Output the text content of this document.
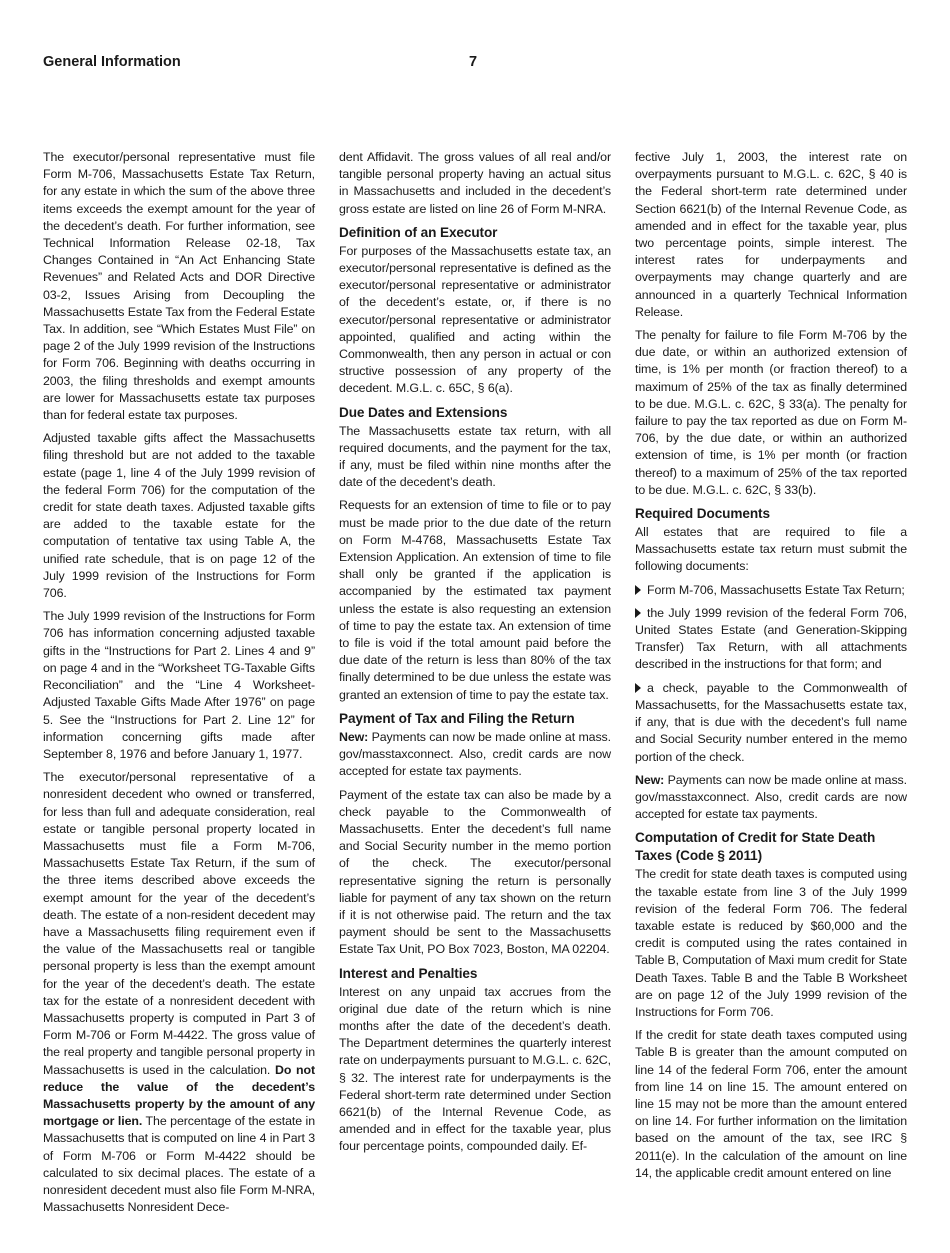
General Information	7

The executor/personal representative must file Form M-706, Massachusetts Estate Tax Return, for any estate in which the sum of the above three items exceeds the exempt amount for the year of the decedent’s death. For further information, see Technical Information Release 02-18, Tax Changes Contained in “An Act Enhancing State Revenues” and Related Acts and DOR Directive 03-2, Issues Arising from Decoupling the Massachusetts Estate Tax from the Federal Estate Tax. In addition, see “Which Estates Must File” on page 2 of the July 1999 revision of the Instructions for Form 706. Beginning with deaths occurring in 2003, the filing thresholds and exempt amounts are lower for Massachusetts estate tax purposes than for federal estate tax purposes.

Adjusted taxable gifts affect the Massachusetts filing threshold but are not added to the taxable estate (page 1, line 4 of the July 1999 revision of the federal Form 706) for the computation of the credit for state death taxes. Adjusted taxable gifts are added to the taxable estate for the computation of tentative tax using Table A, the unified rate schedule, that is on page 12 of the July 1999 revision of the Instructions for Form 706.

The July 1999 revision of the Instructions for Form 706 has information concerning adjusted taxable gifts in the “Instructions for Part 2. Lines 4 and 9” on page 4 and in the “Worksheet TG-Taxable Gifts Reconciliation” and the “Line 4 Worksheet-Adjusted Taxable Gifts Made After 1976” on page 5. See the “Instructions for Part 2. Line 12” for information concerning gifts made after September 8, 1976 and before January 1, 1977.

The executor/personal representative of a nonresident decedent who owned or transferred, for less than full and adequate consideration, real estate or tangible personal property located in Massachusetts must file a Form M-706, Massachusetts Estate Tax Return, if the sum of the three items described above exceeds the exempt amount for the year of the decedent’s death. The estate of a non-resident decedent may have a Massachusetts filing requirement even if the value of the Massachusetts real or tangible personal property is less than the exempt amount for the year of the decedent’s death. The estate tax for the estate of a nonresident decedent with Massachusetts property is computed in Part 3 of Form M-706 or Form M-4422. The gross value of the real property and tangible personal property in Massachusetts is used in the calculation. Do not reduce the value of the decedent’s Massachusetts property by the amount of any mortgage or lien. The percentage of the estate in Massachusetts that is computed on line 4 in Part 3 of Form M-706 or Form M-4422 should be calculated to six decimal places. The estate of a nonresident decedent must also file Form M-NRA, Massachusetts Nonresident Dece-

dent Affidavit. The gross values of all real and/or tangible personal property having an actual situs in Massachusetts and included in the decedent’s gross estate are listed on line 26 of Form M-NRA.

Definition of an Executor

For purposes of the Massachusetts estate tax, an executor/personal representative is defined as the executor/personal representative or administrator of the decedent’s estate, or, if there is no executor/personal representative or administrator appointed, qualified and acting within the Commonwealth, then any person in actual or con structive possession of any property of the decedent. M.G.L. c. 65C, § 6(a).

Due Dates and Extensions

The Massachusetts estate tax return, with all required documents, and the payment for the tax, if any, must be filed within nine months after the date of the decedent’s death.

Requests for an extension of time to file or to pay must be made prior to the due date of the return on Form M-4768, Massachusetts Estate Tax Extension Application. An extension of time to file shall only be granted if the application is accompanied by the estimated tax payment unless the estate is also requesting an extension of time to pay the estate tax. An extension of time to file is void if the total amount paid before the due date of the return is less than 80% of the tax finally determined to be due unless the estate was granted an extension of time to pay the estate tax.

Payment of Tax and Filing the Return

New: Payments can now be made online at mass. gov/masstaxconnect. Also, credit cards are now accepted for estate tax payments.

Payment of the estate tax can also be made by a check payable to the Commonwealth of Massachusetts. Enter the decedent’s full name and Social Security number in the memo portion of the check. The executor/personal representative signing the return is personally liable for payment of any tax shown on the return if it is not otherwise paid. The return and the tax payment should be sent to the Massachusetts Estate Tax Unit, PO Box 7023, Boston, MA 02204.

Interest and Penalties

Interest on any unpaid tax accrues from the original due date of the return which is nine months after the date of the decedent’s death. The Department determines the quarterly interest rate on underpayments pursuant to M.G.L. c. 62C, § 32. The interest rate for underpayments is the Federal short-term rate determined under Section 6621(b) of the Internal Revenue Code, as amended and in effect for the taxable year, plus four percentage points, compounded daily. Ef-

fective July 1, 2003, the interest rate on overpayments pursuant to M.G.L. c. 62C, § 40 is the Federal short-term rate determined under Section 6621(b) of the Internal Revenue Code, as amended and in effect for the taxable year, plus two percentage points, simple interest. The interest rates for underpayments and overpayments may change quarterly and are announced in a quarterly Technical Information Release.

The penalty for failure to file Form M-706 by the due date, or within an authorized extension of time, is 1% per month (or fraction thereof) to a maximum of 25% of the tax as finally determined to be due. M.G.L. c. 62C, § 33(a). The penalty for failure to pay the tax reported as due on Form M-706, by the due date, or within an authorized extension of time, is 1% per month (or fraction thereof) to a maximum of 25% of the tax reported to be due. M.G.L. c. 62C, § 33(b).

Required Documents

All estates that are required to file a Massachusetts estate tax return must submit the following documents:

Form M-706, Massachusetts Estate Tax Return;
the July 1999 revision of the federal Form 706, United States Estate (and Generation-Skipping Transfer) Tax Return, with all attachments described in the instructions for that form; and
a check, payable to the Commonwealth of Massachusetts, for the Massachusetts estate tax, if any, that is due with the decedent’s full name and Social Security number entered in the memo portion of the check.

New: Payments can now be made online at mass. gov/masstaxconnect. Also, credit cards are now accepted for estate tax payments.

Computation of Credit for State Death Taxes (Code § 2011)

The credit for state death taxes is computed using the taxable estate from line 3 of the July 1999 revision of the federal Form 706. The federal taxable estate is reduced by $60,000 and the credit is computed using the rates contained in Table B, Computation of Maxi mum credit for State Death Taxes. Table B and the Table B Worksheet are on page 12 of the July 1999 revision of the Instructions for Form 706.

If the credit for state death taxes computed using Table B is greater than the amount computed on line 14 of the federal Form 706, enter the amount from line 14 on line 15. The amount entered on line 15 may not be more than the amount entered on line 14. For further information on the limitation based on the amount of the tax, see IRC § 2011(e). In the calculation of the amount on line 14, the applicable credit amount entered on line
